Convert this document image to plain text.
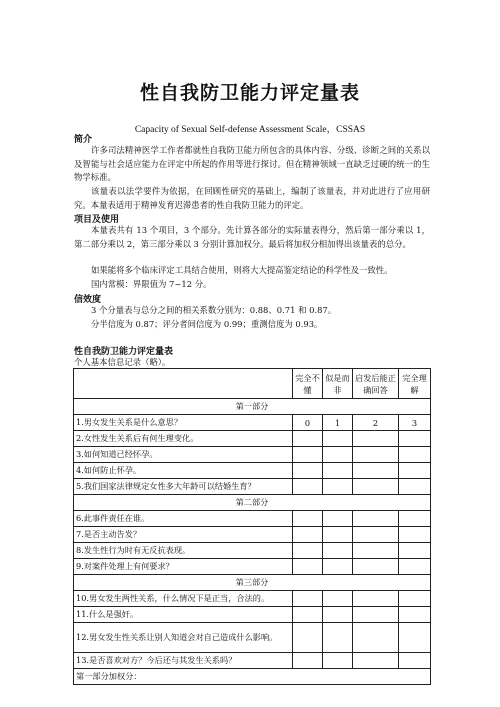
性自我防卫能力评定量表
Capacity of Sexual Self-defense Assessment Scale，CSSAS
简介
许多司法精神医学工作者都就性自我防卫能力所包含的具体内容、分级、诊断之间的关系以及智能与社会适应能力在评定中所起的作用等进行探讨。但在精神领域一直缺乏过硬的统一的生物学标准。
该量表以法学要件为依据，在回顾性研究的基础上，编制了该量表，并对此进行了应用研究。本量表适用于精神发育迟滞患者的性自我防卫能力的评定。
项目及使用
本量表共有 13 个项目，3 个部分。先计算各部分的实际量表得分，然后第一部分乘以 1，第二部分乘以 2，第三部分乘以 3 分别计算加权分。最后将加权分相加得出该量表的总分。
如果能将多个临床评定工具结合使用，则将大大提高鉴定结论的科学性及一致性。
国内常模：界限值为 7~12 分。
信效度
3 个分量表与总分之间的相关系数分别为：0.88、0.71 和 0.87。
分半信度为 0.87；评分者间信度为 0.99；重测信度为 0.93。
性自我防卫能力评定量表
个人基本信息记录（略）。
	完全不懂	似是而非	启发后能正确回答	完全理解
第一部分				
1.男女发生关系是什么意思？	0	1	2	3
2.女性发生关系后有何生理变化。				
3.如何知道已经怀孕。				
4.如何防止怀孕。				
5.我们国家法律规定女性多大年龄可以结婚生育？				
第二部分				
6.此事件责任在谁。				
7.是否主动告发？				
8.发生性行为时有无反抗表现。				
9.对案件处理上有何要求？				
第三部分				
10.男女发生两性关系，什么情况下是正当，合法的。				
11.什么是强奸。				
12.男女发生性关系让别人知道会对自己造成什么影响。				
13.是否喜欢对方？今后还与其发生关系吗？				
第一部分加权分：				
